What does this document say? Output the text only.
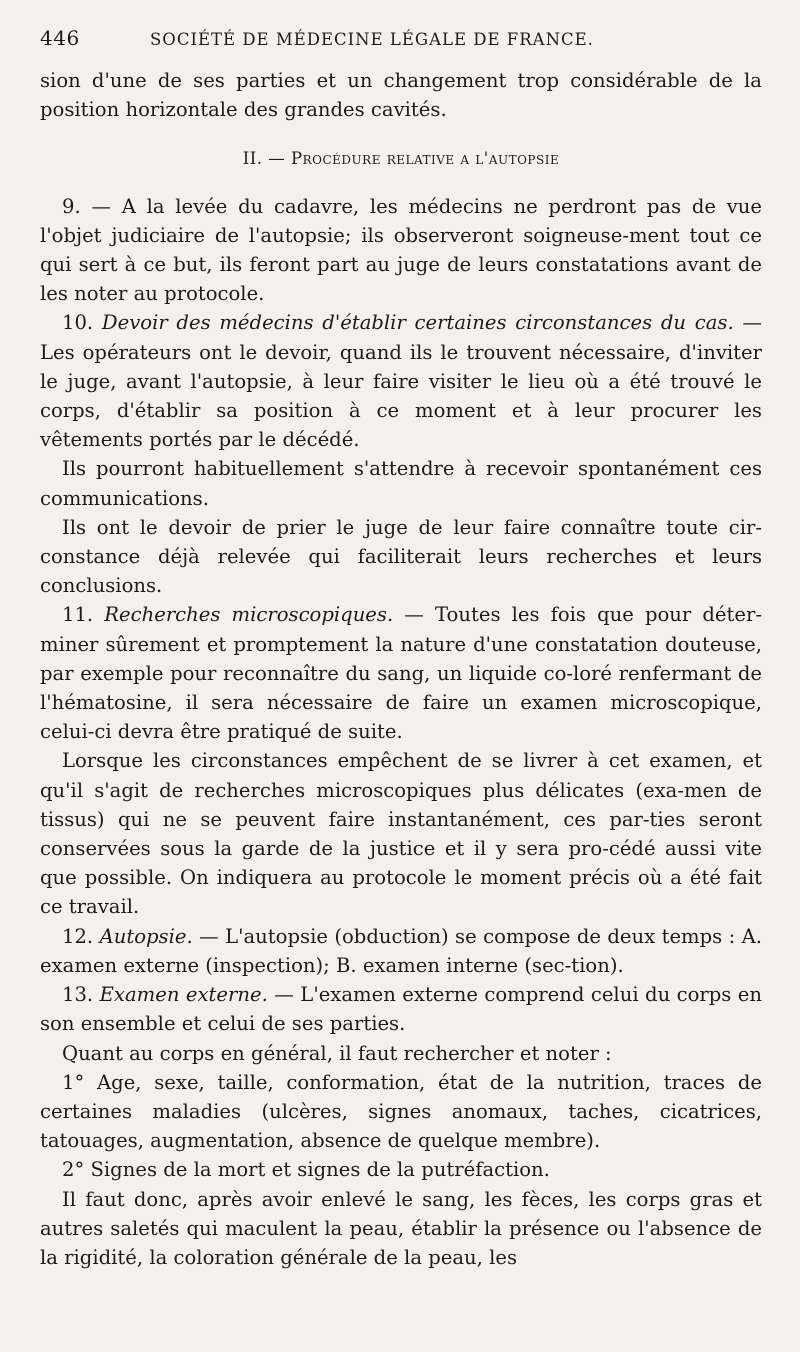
446	SOCIÉTÉ DE MÉDECINE LÉGALE DE FRANCE.

sion d'une de ses parties et un changement trop considérable de la position horizontale des grandes cavités.

II. — Procédure relative a l'autopsie

9. — A la levée du cadavre, les médecins ne perdront pas de vue l'objet judiciaire de l'autopsie; ils observeront soigneuse-ment tout ce qui sert à ce but, ils feront part au juge de leurs constatations avant de les noter au protocole.

10. Devoir des médecins d'établir certaines circonstances du cas. — Les opérateurs ont le devoir, quand ils le trouvent nécessaire, d'inviter le juge, avant l'autopsie, à leur faire visiter le lieu où a été trouvé le corps, d'établir sa position à ce moment et à leur procurer les vêtements portés par le décédé.

Ils pourront habituellement s'attendre à recevoir spontanément ces communications.

Ils ont le devoir de prier le juge de leur faire connaître toute cir-constance déjà relevée qui faciliterait leurs recherches et leurs conclusions.

11. Recherches microscopiques. — Toutes les fois que pour déter-miner sûrement et promptement la nature d'une constatation douteuse, par exemple pour reconnaître du sang, un liquide co-loré renfermant de l'hématosine, il sera nécessaire de faire un examen microscopique, celui-ci devra être pratiqué de suite.

Lorsque les circonstances empêchent de se livrer à cet examen, et qu'il s'agit de recherches microscopiques plus délicates (exa-men de tissus) qui ne se peuvent faire instantanément, ces par-ties seront conservées sous la garde de la justice et il y sera pro-cédé aussi vite que possible. On indiquera au protocole le moment précis où a été fait ce travail.

12. Autopsie. — L'autopsie (obduction) se compose de deux temps : A. examen externe (inspection); B. examen interne (sec-tion).

13. Examen externe. — L'examen externe comprend celui du corps en son ensemble et celui de ses parties.

Quant au corps en général, il faut rechercher et noter :

1° Age, sexe, taille, conformation, état de la nutrition, traces de certaines maladies (ulcères, signes anomaux, taches, cicatrices, tatouages, augmentation, absence de quelque membre).

2° Signes de la mort et signes de la putréfaction.

Il faut donc, après avoir enlevé le sang, les fèces, les corps gras et autres saletés qui maculent la peau, établir la présence ou l'absence de la rigidité, la coloration générale de la peau, les
